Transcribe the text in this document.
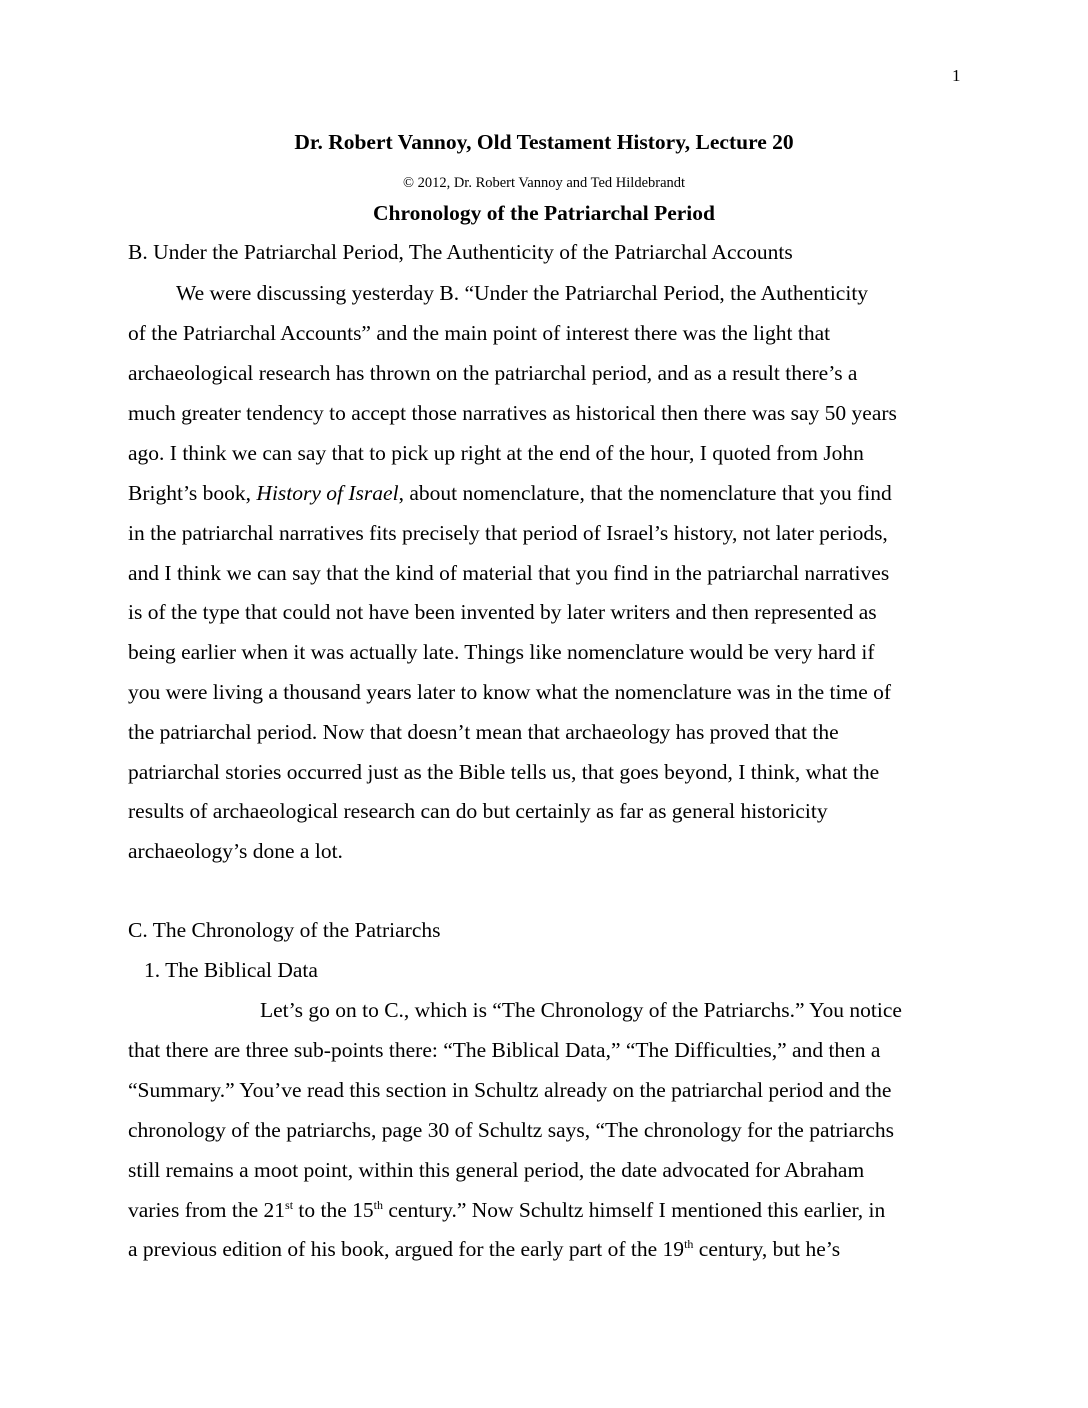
1
Dr. Robert Vannoy, Old Testament History, Lecture 20
© 2012, Dr. Robert Vannoy and Ted Hildebrandt
Chronology of the Patriarchal Period
B. Under the Patriarchal Period, The Authenticity of the Patriarchal Accounts
We were discussing yesterday B. “Under the Patriarchal Period, the Authenticity
of the Patriarchal Accounts” and the main point of interest there was the light that
archaeological research has thrown on the patriarchal period, and as a result there’s a
much greater tendency to accept those narratives as historical then there was say 50 years
ago. I think we can say that to pick up right at the end of the hour, I quoted from John
Bright’s book, History of Israel, about nomenclature, that the nomenclature that you find
in the patriarchal narratives fits precisely that period of Israel’s history, not later periods,
and I think we can say that the kind of material that you find in the patriarchal narratives
is of the type that could not have been invented by later writers and then represented as
being earlier when it was actually late. Things like nomenclature would be very hard if
you were living a thousand years later to know what the nomenclature was in the time of
the patriarchal period. Now that doesn’t mean that archaeology has proved that the
patriarchal stories occurred just as the Bible tells us, that goes beyond, I think, what the
results of archaeological research can do but certainly as far as general historicity
archaeology’s done a lot.
C. The Chronology of the Patriarchs
1. The Biblical Data
Let’s go on to C., which is “The Chronology of the Patriarchs.” You notice
that there are three sub-points there: “The Biblical Data,” “The Difficulties,” and then a
“Summary.” You’ve read this section in Schultz already on the patriarchal period and the
chronology of the patriarchs, page 30 of Schultz says, “The chronology for the patriarchs
still remains a moot point, within this general period, the date advocated for Abraham
varies from the 21st to the 15th century.” Now Schultz himself I mentioned this earlier, in
a previous edition of his book, argued for the early part of the 19th century, but he’s
